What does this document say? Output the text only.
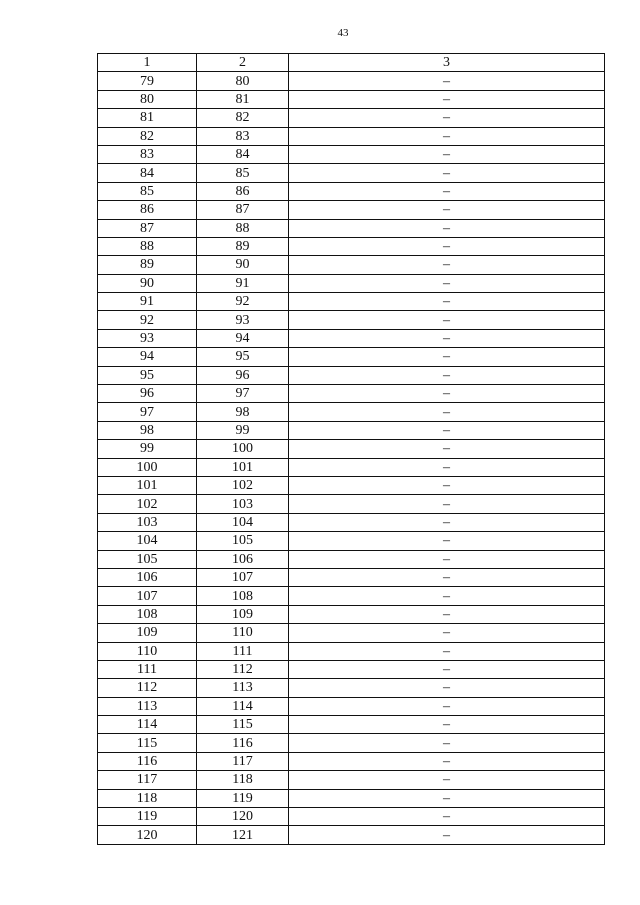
43
1	2	3
79	80	–
80	81	–
81	82	–
82	83	–
83	84	–
84	85	–
85	86	–
86	87	–
87	88	–
88	89	–
89	90	–
90	91	–
91	92	–
92	93	–
93	94	–
94	95	–
95	96	–
96	97	–
97	98	–
98	99	–
99	100	–
100	101	–
101	102	–
102	103	–
103	104	–
104	105	–
105	106	–
106	107	–
107	108	–
108	109	–
109	110	–
110	111	–
111	112	–
112	113	–
113	114	–
114	115	–
115	116	–
116	117	–
117	118	–
118	119	–
119	120	–
120	121	–
